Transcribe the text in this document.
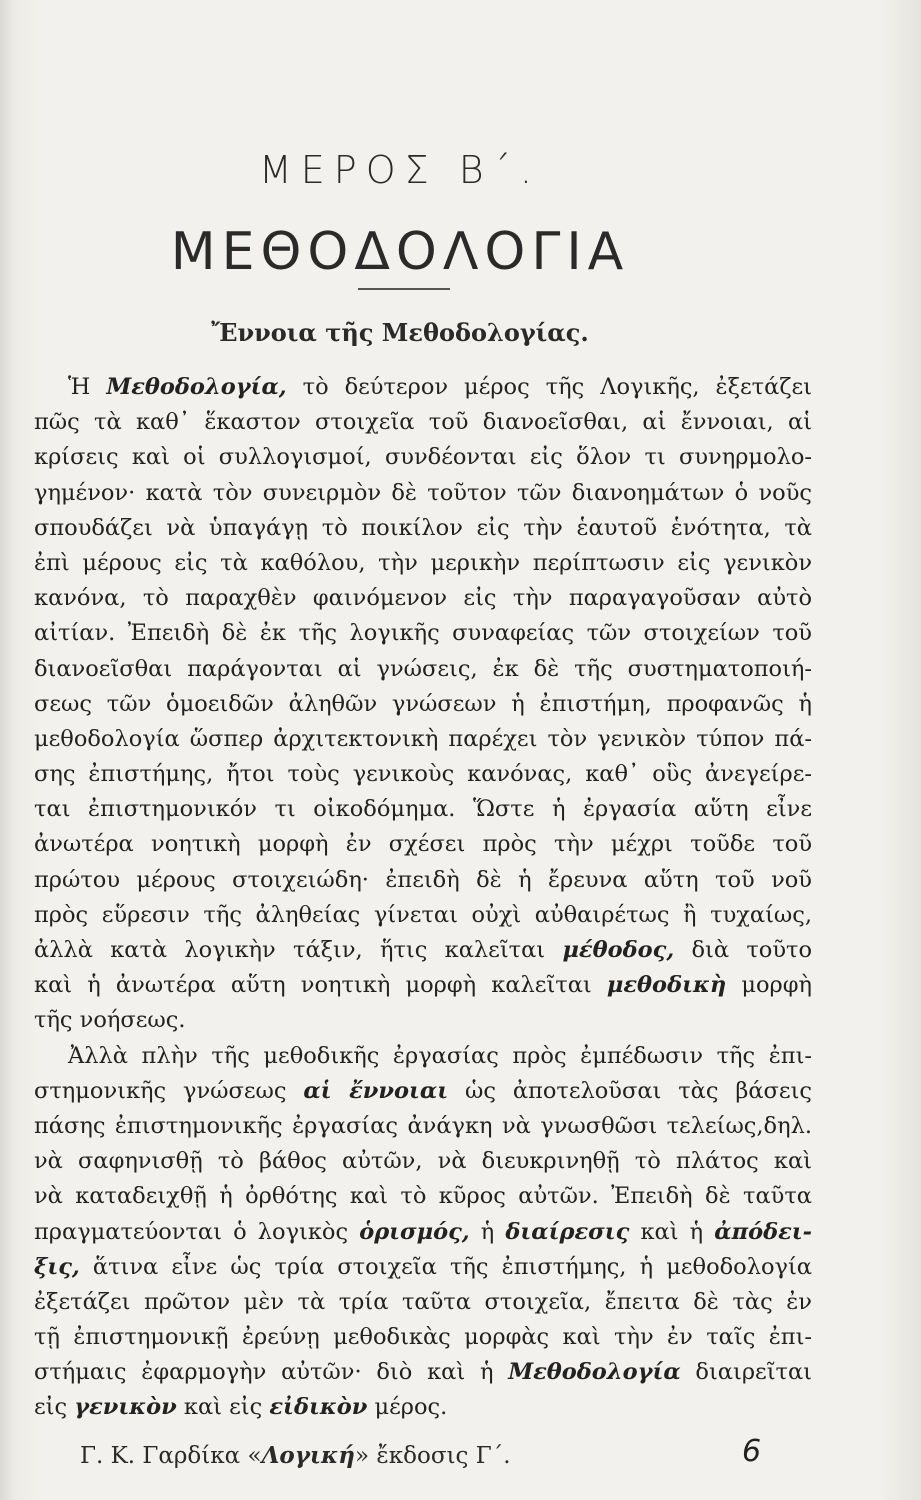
ΜΕΡΟΣ Β΄.
ΜΕΘΟΔΟΛΟΓΙΑ
Ἔννοια τῆς Μεθοδολογίας.
Ἡ Μεθοδολογία, τὸ δεύτερον μέρος τῆς Λογικῆς, ἐξετάζει
πῶς τὰ καθ᾽ ἕκαστον στοιχεῖα τοῦ διανοεῖσθαι, αἱ ἔννοιαι, αἱ
κρίσεις καὶ οἱ συλλογισμοί, συνδέονται εἰς ὅλον τι συνηρμολο-
γημένον· κατὰ τὸν συνειρμὸν δὲ τοῦτον τῶν διανοημάτων ὁ νοῦς
σπουδάζει νὰ ὑπαγάγῃ τὸ ποικίλον εἰς τὴν ἑαυτοῦ ἑνότητα, τὰ
ἐπὶ μέρους εἰς τὰ καθόλου, τὴν μερικὴν περίπτωσιν εἰς γενικὸν
κανόνα, τὸ παραχθὲν φαινόμενον εἰς τὴν παραγαγοῦσαν αὐτὸ
αἰτίαν. Ἐπειδὴ δὲ ἐκ τῆς λογικῆς συναφείας τῶν στοιχείων τοῦ
διανοεῖσθαι παράγονται αἱ γνώσεις, ἐκ δὲ τῆς συστηματοποιή-
σεως τῶν ὁμοειδῶν ἀληθῶν γνώσεων ἡ ἐπιστήμη, προφανῶς ἡ
μεθοδολογία ὥσπερ ἀρχιτεκτονικὴ παρέχει τὸν γενικὸν τύπον πά-
σης ἐπιστήμης, ἤτοι τοὺς γενικοὺς κανόνας, καθ᾽ οὓς ἀνεγείρε-
ται ἐπιστημονικόν τι οἰκοδόμημα. Ὥστε ἡ ἐργασία αὕτη εἶνε
ἀνωτέρα νοητικὴ μορφὴ ἐν σχέσει πρὸς τὴν μέχρι τοῦδε τοῦ
πρώτου μέρους στοιχειώδη· ἐπειδὴ δὲ ἡ ἔρευνα αὕτη τοῦ νοῦ
πρὸς εὕρεσιν τῆς ἀληθείας γίνεται οὐχὶ αὐθαιρέτως ἢ τυχαίως,
ἀλλὰ κατὰ λογικὴν τάξιν, ἥτις καλεῖται μέθοδος, διὰ τοῦτο
καὶ ἡ ἀνωτέρα αὕτη νοητικὴ μορφὴ καλεῖται μεθοδικὴ μορφὴ
τῆς νοήσεως.
Ἀλλὰ πλὴν τῆς μεθοδικῆς ἐργασίας πρὸς ἐμπέδωσιν τῆς ἐπι-
στημονικῆς γνώσεως αἱ ἔννοιαι ὡς ἀποτελοῦσαι τὰς βάσεις
πάσης ἐπιστημονικῆς ἐργασίας ἀνάγκη νὰ γνωσθῶσι τελείως,δηλ.
νὰ σαφηνισθῇ τὸ βάθος αὐτῶν, νὰ διευκρινηθῇ τὸ πλάτος καὶ
νὰ καταδειχθῇ ἡ ὀρθότης καὶ τὸ κῦρος αὐτῶν. Ἐπειδὴ δὲ ταῦτα
πραγματεύονται ὁ λογικὸς ὁρισμός, ἡ διαίρεσις καὶ ἡ ἀπόδει-
ξις, ἅτινα εἶνε ὡς τρία στοιχεῖα τῆς ἐπιστήμης, ἡ μεθοδολογία
ἐξετάζει πρῶτον μὲν τὰ τρία ταῦτα στοιχεῖα, ἔπειτα δὲ τὰς ἐν
τῇ ἐπιστημονικῇ ἐρεύνῃ μεθοδικὰς μορφὰς καὶ τὴν ἐν ταῖς ἐπι-
στήμαις ἐφαρμογὴν αὐτῶν· διὸ καὶ ἡ Μεθοδολογία διαιρεῖται
εἰς γενικὸν καὶ εἰς εἰδικὸν μέρος.
Γ. Κ. Γαρδίκα «Λογική» ἔκδοσις Γ΄.	6
